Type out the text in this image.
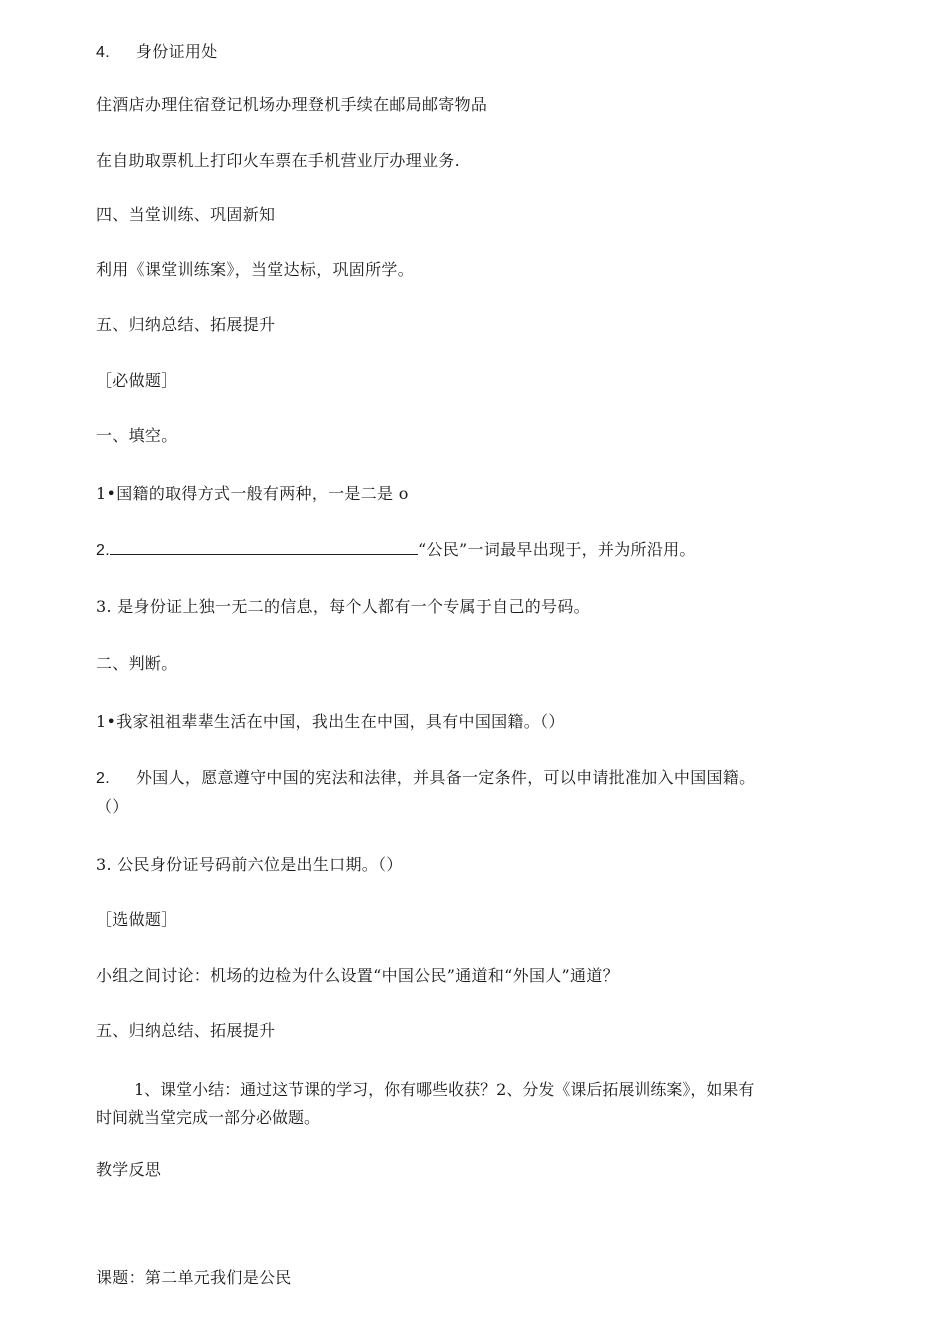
4. 身份证用处
住酒店办理住宿登记机场办理登机手续在邮局邮寄物品
在自助取票机上打印火车票在手机营业厅办理业务.
四、当堂训练、巩固新知
利用《课堂训练案》，当堂达标，巩固所学。
五、归纳总结、拓展提升
［必做题］
一、填空。
1•国籍的取得方式一般有两种，一是二是 o
2.	“公民”一词最早出现于，并为所沿用。
3. 是身份证上独一无二的信息，每个人都有一个专属于自己的号码。
二、判断。
1•我家祖祖辈辈生活在中国，我出生在中国，具有中国国籍。（）
2. 外国人，愿意遵守中国的宪法和法律，并具备一定条件，可以申请批准加入中国国籍。
（）
3. 公民身份证号码前六位是出生口期。（）
［选做题］
小组之间讨论：机场的边检为什么设置“中国公民”通道和“外国人”通道？
五、归纳总结、拓展提升
1、课堂小结：通过这节课的学习，你有哪些收获？2、分发《课后拓展训练案》，如果有
时间就当堂完成一部分必做题。
教学反思
课题：第二单元我们是公民
